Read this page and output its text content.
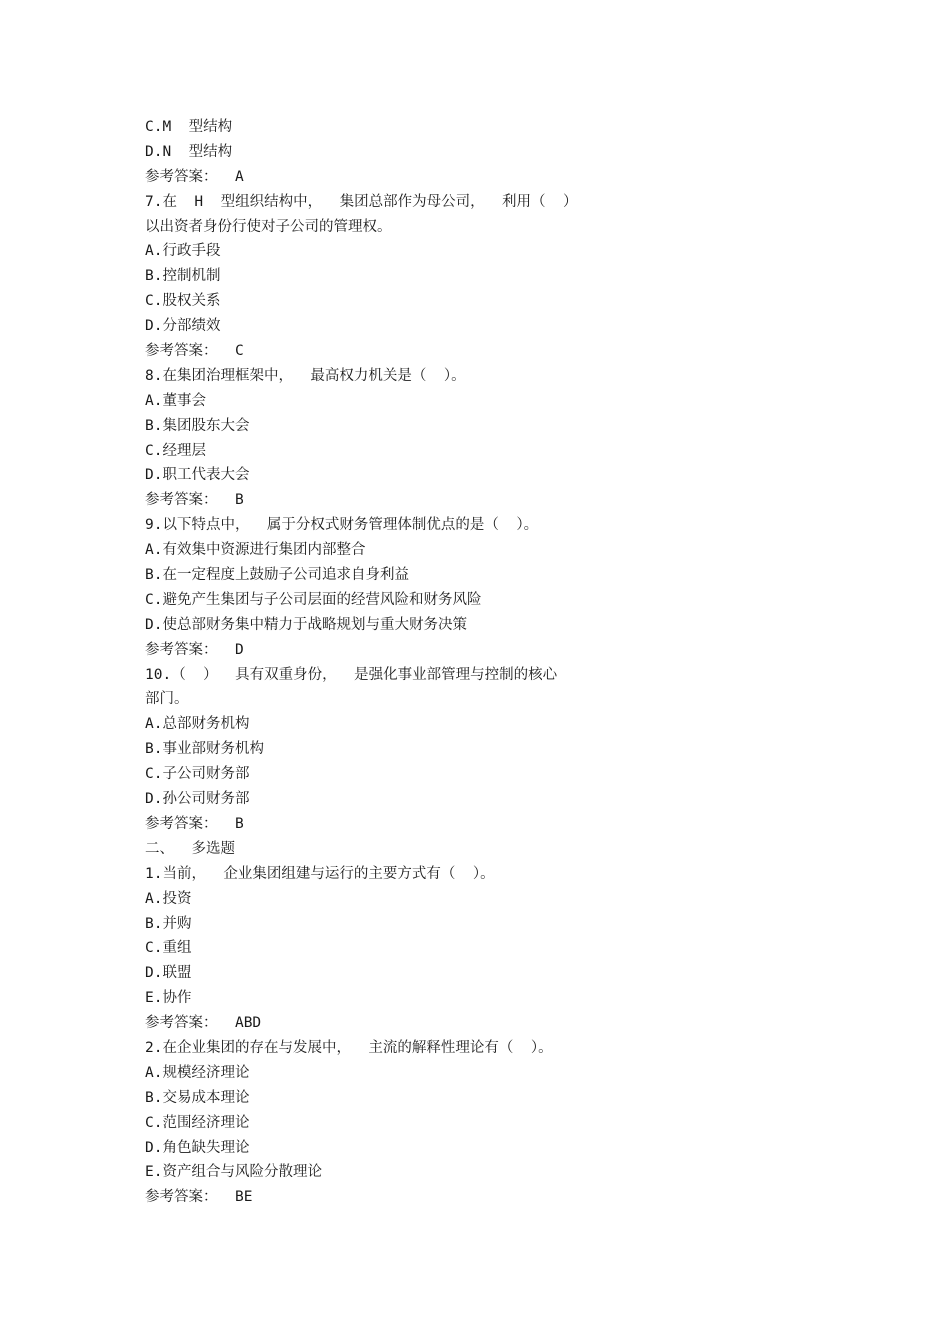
C.M  型结构
D.N  型结构
参考答案：  A
7.在  H  型组织结构中，  集团总部作为母公司，  利用（  ）
以出资者身份行使对子公司的管理权。
A.行政手段
B.控制机制
C.股权关系
D.分部绩效
参考答案：  C
8.在集团治理框架中，  最高权力机关是（  ）。
A.董事会
B.集团股东大会
C.经理层
D.职工代表大会
参考答案：  B
9.以下特点中，  属于分权式财务管理体制优点的是（  ）。
A.有效集中资源进行集团内部整合
B.在一定程度上鼓励子公司追求自身利益
C.避免产生集团与子公司层面的经营风险和财务风险
D.使总部财务集中精力于战略规划与重大财务决策
参考答案：  D
10.（  ）  具有双重身份，  是强化事业部管理与控制的核心
部门。
A.总部财务机构
B.事业部财务机构
C.子公司财务部
D.孙公司财务部
参考答案：  B
二、  多选题
1.当前，  企业集团组建与运行的主要方式有（  ）。
A.投资
B.并购
C.重组
D.联盟
E.协作
参考答案：  ABD
2.在企业集团的存在与发展中，  主流的解释性理论有（  ）。
A.规模经济理论
B.交易成本理论
C.范围经济理论
D.角色缺失理论
E.资产组合与风险分散理论
参考答案：  BE
